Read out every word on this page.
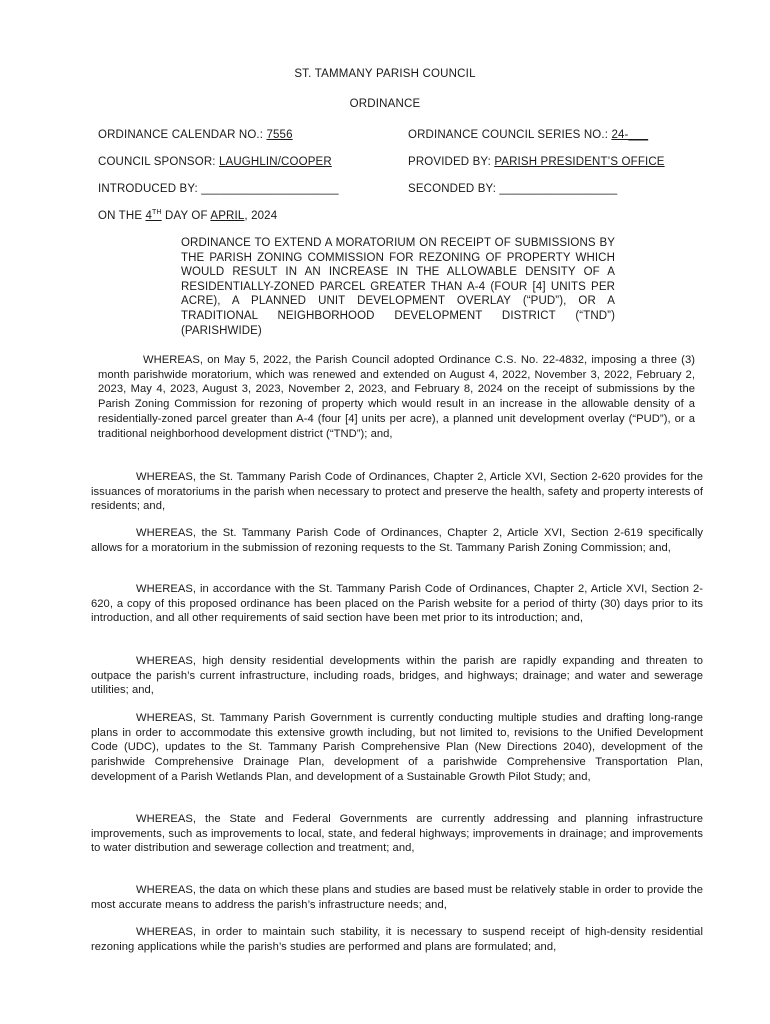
ST. TAMMANY PARISH COUNCIL
ORDINANCE
ORDINANCE CALENDAR NO.: 7556	ORDINANCE COUNCIL SERIES NO.: 24-___
COUNCIL SPONSOR: LAUGHLIN/COOPER	PROVIDED BY: PARISH PRESIDENT’S OFFICE
INTRODUCED BY: _____________________	SECONDED BY: __________________
ON THE 4TH DAY OF APRIL, 2024
ORDINANCE TO EXTEND A MORATORIUM ON RECEIPT OF SUBMISSIONS BY THE PARISH ZONING COMMISSION FOR REZONING OF PROPERTY WHICH WOULD RESULT IN AN INCREASE IN THE ALLOWABLE DENSITY OF A RESIDENTIALLY-ZONED PARCEL GREATER THAN A-4 (FOUR [4] UNITS PER ACRE), A PLANNED UNIT DEVELOPMENT OVERLAY (“PUD”), OR A TRADITIONAL NEIGHBORHOOD DEVELOPMENT DISTRICT (“TND”) (PARISHWIDE)

WHEREAS, on May 5, 2022, the Parish Council adopted Ordinance C.S. No. 22-4832, imposing a three (3) month parishwide moratorium, which was renewed and extended on August 4, 2022, November 3, 2022, February 2, 2023, May 4, 2023, August 3, 2023, November 2, 2023, and February 8, 2024 on the receipt of submissions by the Parish Zoning Commission for rezoning of property which would result in an increase in the allowable density of a residentially-zoned parcel greater than A-4 (four [4] units per acre), a planned unit development overlay (“PUD”), or a traditional neighborhood development district (“TND”); and,

WHEREAS, the St. Tammany Parish Code of Ordinances, Chapter 2, Article XVI, Section 2-620 provides for the issuances of moratoriums in the parish when necessary to protect and preserve the health, safety and property interests of residents; and,

WHEREAS, the St. Tammany Parish Code of Ordinances, Chapter 2, Article XVI, Section 2-619 specifically allows for a moratorium in the submission of rezoning requests to the St. Tammany Parish Zoning Commission; and,

WHEREAS, in accordance with the St. Tammany Parish Code of Ordinances, Chapter 2, Article XVI, Section 2-620, a copy of this proposed ordinance has been placed on the Parish website for a period of thirty (30) days prior to its introduction, and all other requirements of said section have been met prior to its introduction; and,

WHEREAS, high density residential developments within the parish are rapidly expanding and threaten to outpace the parish’s current infrastructure, including roads, bridges, and highways; drainage; and water and sewerage utilities; and,

WHEREAS, St. Tammany Parish Government is currently conducting multiple studies and drafting long-range plans in order to accommodate this extensive growth including, but not limited to, revisions to the Unified Development Code (UDC), updates to the St. Tammany Parish Comprehensive Plan (New Directions 2040), development of the parishwide Comprehensive Drainage Plan, development of a parishwide Comprehensive Transportation Plan, development of a Parish Wetlands Plan, and development of a Sustainable Growth Pilot Study; and,

WHEREAS, the State and Federal Governments are currently addressing and planning infrastructure improvements, such as improvements to local, state, and federal highways; improvements in drainage; and improvements to water distribution and sewerage collection and treatment; and,

WHEREAS, the data on which these plans and studies are based must be relatively stable in order to provide the most accurate means to address the parish’s infrastructure needs; and,

WHEREAS, in order to maintain such stability, it is necessary to suspend receipt of high-density residential rezoning applications while the parish’s studies are performed and plans are formulated; and,
